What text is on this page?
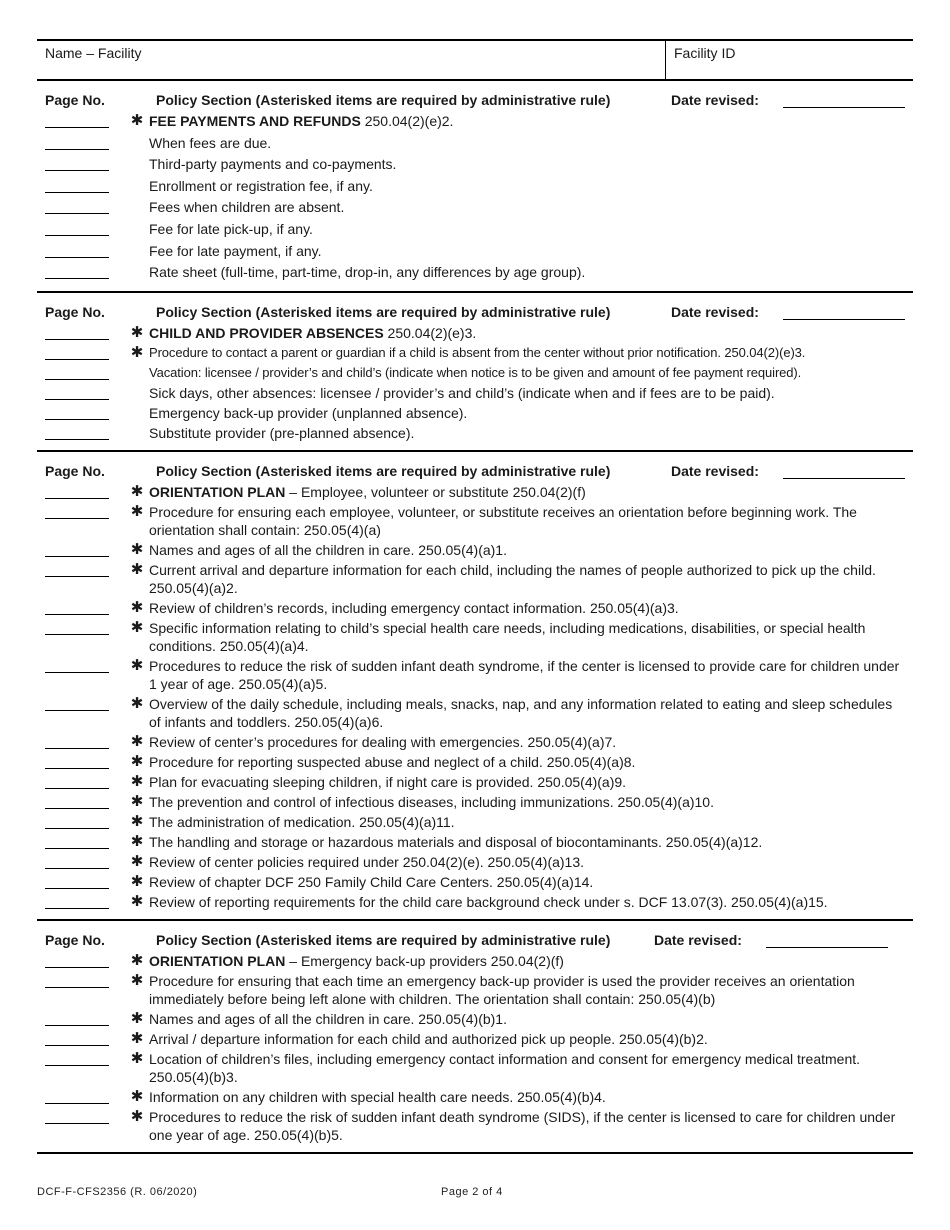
Name – Facility	Facility ID
Page No.	Policy Section (Asterisked items are required by administrative rule)	Date revised:
✱ FEE PAYMENTS AND REFUNDS 250.04(2)(e)2.
When fees are due.
Third-party payments and co-payments.
Enrollment or registration fee, if any.
Fees when children are absent.
Fee for late pick-up, if any.
Fee for late payment, if any.
Rate sheet (full-time, part-time, drop-in, any differences by age group).
Page No.	Policy Section (Asterisked items are required by administrative rule)	Date revised:
✱ CHILD AND PROVIDER ABSENCES 250.04(2)(e)3.
✱ Procedure to contact a parent or guardian if a child is absent from the center without prior notification. 250.04(2)(e)3.
Vacation: licensee / provider’s and child’s (indicate when notice is to be given and amount of fee payment required).
Sick days, other absences: licensee / provider’s and child’s (indicate when and if fees are to be paid).
Emergency back-up provider (unplanned absence).
Substitute provider (pre-planned absence).
Page No.	Policy Section (Asterisked items are required by administrative rule)	Date revised:
✱ ORIENTATION PLAN – Employee, volunteer or substitute 250.04(2)(f)
✱ Procedure for ensuring each employee, volunteer, or substitute receives an orientation before beginning work. The orientation shall contain: 250.05(4)(a)
✱ Names and ages of all the children in care. 250.05(4)(a)1.
✱ Current arrival and departure information for each child, including the names of people authorized to pick up the child. 250.05(4)(a)2.
✱ Review of children’s records, including emergency contact information. 250.05(4)(a)3.
✱ Specific information relating to child’s special health care needs, including medications, disabilities, or special health conditions. 250.05(4)(a)4.
✱ Procedures to reduce the risk of sudden infant death syndrome, if the center is licensed to provide care for children under 1 year of age. 250.05(4)(a)5.
✱ Overview of the daily schedule, including meals, snacks, nap, and any information related to eating and sleep schedules of infants and toddlers. 250.05(4)(a)6.
✱ Review of center’s procedures for dealing with emergencies. 250.05(4)(a)7.
✱ Procedure for reporting suspected abuse and neglect of a child. 250.05(4)(a)8.
✱ Plan for evacuating sleeping children, if night care is provided. 250.05(4)(a)9.
✱ The prevention and control of infectious diseases, including immunizations. 250.05(4)(a)10.
✱ The administration of medication. 250.05(4)(a)11.
✱ The handling and storage or hazardous materials and disposal of biocontaminants. 250.05(4)(a)12.
✱ Review of center policies required under 250.04(2)(e). 250.05(4)(a)13.
✱ Review of chapter DCF 250 Family Child Care Centers. 250.05(4)(a)14.
✱ Review of reporting requirements for the child care background check under s. DCF 13.07(3). 250.05(4)(a)15.
Page No.	Policy Section (Asterisked items are required by administrative rule)	Date revised:
✱ ORIENTATION PLAN – Emergency back-up providers 250.04(2)(f)
✱ Procedure for ensuring that each time an emergency back-up provider is used the provider receives an orientation immediately before being left alone with children. The orientation shall contain: 250.05(4)(b)
✱ Names and ages of all the children in care. 250.05(4)(b)1.
✱ Arrival / departure information for each child and authorized pick up people. 250.05(4)(b)2.
✱ Location of children’s files, including emergency contact information and consent for emergency medical treatment. 250.05(4)(b)3.
✱ Information on any children with special health care needs. 250.05(4)(b)4.
✱ Procedures to reduce the risk of sudden infant death syndrome (SIDS), if the center is licensed to care for children under one year of age. 250.05(4)(b)5.
DCF-F-CFS2356 (R. 06/2020)	Page 2 of 4
